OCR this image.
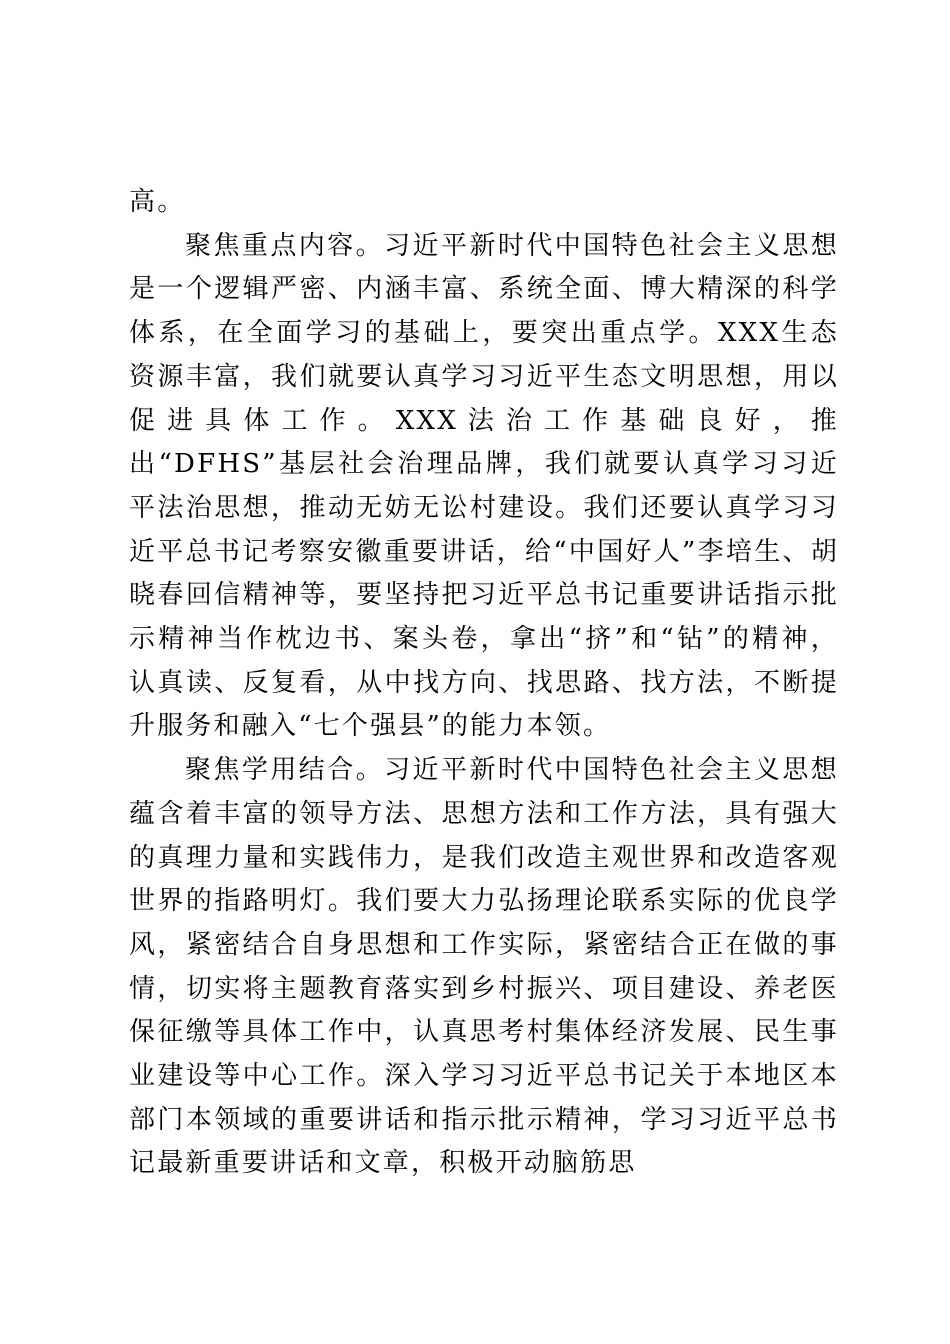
高。

聚焦重点内容。习近平新时代中国特色社会主义思想是一个逻辑严密、内涵丰富、系统全面、博大精深的科学体系，在全面学习的基础上，要突出重点学。XXX生态资源丰富，我们就要认真学习习近平生态文明思想，用以促进具体工作。XXX法治工作基础良好，推出“DFHS”基层社会治理品牌，我们就要认真学习习近平法治思想，推动无妨无讼村建设。我们还要认真学习习近平总书记考察安徽重要讲话，给“中国好人”李培生、胡晓春回信精神等，要坚持把习近平总书记重要讲话指示批示精神当作枕边书、案头卷，拿出“挤”和“钻”的精神，认真读、反复看，从中找方向、找思路、找方法，不断提升服务和融入“七个强县”的能力本领。

聚焦学用结合。习近平新时代中国特色社会主义思想蕴含着丰富的领导方法、思想方法和工作方法，具有强大的真理力量和实践伟力，是我们改造主观世界和改造客观世界的指路明灯。我们要大力弘扬理论联系实际的优良学风，紧密结合自身思想和工作实际，紧密结合正在做的事情，切实将主题教育落实到乡村振兴、项目建设、养老医保征缴等具体工作中，认真思考村集体经济发展、民生事业建设等中心工作。深入学习习近平总书记关于本地区本部门本领域的重要讲话和指示批示精神，学习习近平总书记最新重要讲话和文章，积极开动脑筋思
